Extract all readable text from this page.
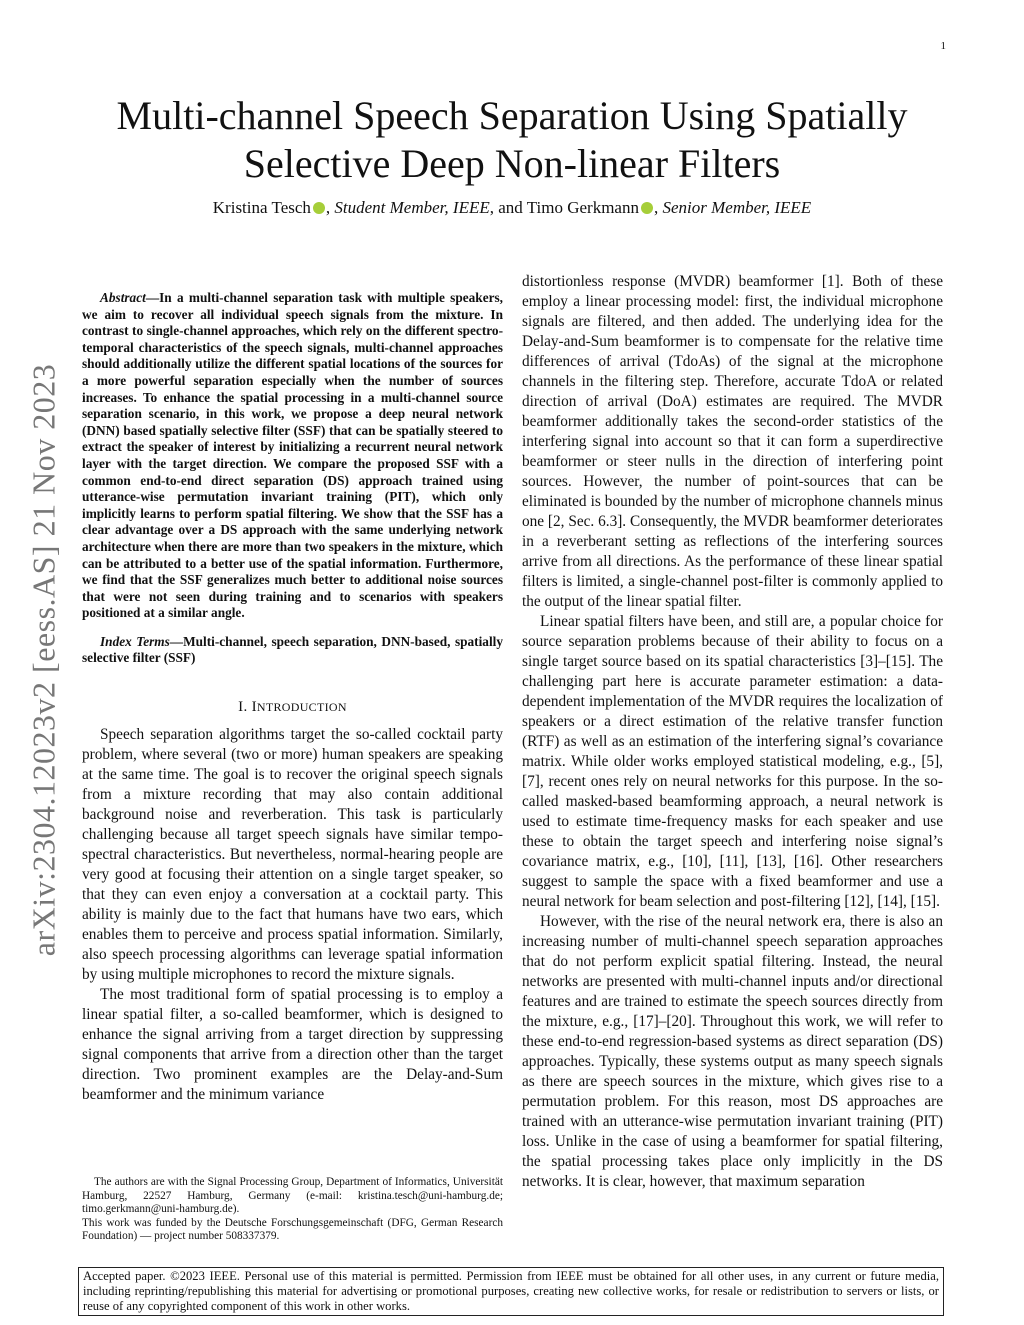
1
arXiv:2304.12023v2 [eess.AS] 21 Nov 2023
Multi-channel Speech Separation Using Spatially
Selective Deep Non-linear Filters
Kristina Tesch , Student Member, IEEE, and Timo Gerkmann , Senior Member, IEEE

Abstract—In a multi-channel separation task with multiple speakers, we aim to recover all individual speech signals from the mixture. In contrast to single-channel approaches, which rely on the different spectro-temporal characteristics of the speech signals, multi-channel approaches should additionally utilize the different spatial locations of the sources for a more powerful separation especially when the number of sources increases. To enhance the spatial processing in a multi-channel source separation scenario, in this work, we propose a deep neural network (DNN) based spatially selective filter (SSF) that can be spatially steered to extract the speaker of interest by initializing a recurrent neural network layer with the target direction. We compare the proposed SSF with a common end-to-end direct separation (DS) approach trained using utterance-wise permutation invariant training (PIT), which only implicitly learns to perform spatial filtering. We show that the SSF has a clear advantage over a DS approach with the same underlying network architecture when there are more than two speakers in the mixture, which can be attributed to a better use of the spatial information. Furthermore, we find that the SSF generalizes much better to additional noise sources that were not seen during training and to scenarios with speakers positioned at a similar angle.

Index Terms—Multi-channel, speech separation, DNN-based, spatially selective filter (SSF)

I. INTRODUCTION

Speech separation algorithms target the so-called cocktail party problem, where several (two or more) human speakers are speaking at the same time. The goal is to recover the original speech signals from a mixture recording that may also contain additional background noise and reverberation. This task is particularly challenging because all target speech signals have similar tempo-spectral characteristics. But nevertheless, normal-hearing people are very good at focusing their attention on a single target speaker, so that they can even enjoy a conversation at a cocktail party. This ability is mainly due to the fact that humans have two ears, which enables them to perceive and process spatial information. Similarly, also speech processing algorithms can leverage spatial information by using multiple microphones to record the mixture signals.

The most traditional form of spatial processing is to employ a linear spatial filter, a so-called beamformer, which is designed to enhance the signal arriving from a target direction by suppressing signal components that arrive from a direction other than the target direction. Two prominent examples are the Delay-and-Sum beamformer and the minimum variance

distortionless response (MVDR) beamformer [1]. Both of these employ a linear processing model: first, the individual microphone signals are filtered, and then added. The underlying idea for the Delay-and-Sum beamformer is to compensate for the relative time differences of arrival (TdoAs) of the signal at the microphone channels in the filtering step. Therefore, accurate TdoA or related direction of arrival (DoA) estimates are required. The MVDR beamformer additionally takes the second-order statistics of the interfering signal into account so that it can form a superdirective beamformer or steer nulls in the direction of interfering point sources. However, the number of point-sources that can be eliminated is bounded by the number of microphone channels minus one [2, Sec. 6.3]. Consequently, the MVDR beamformer deteriorates in a reverberant setting as reflections of the interfering sources arrive from all directions. As the performance of these linear spatial filters is limited, a single-channel post-filter is commonly applied to the output of the linear spatial filter.

Linear spatial filters have been, and still are, a popular choice for source separation problems because of their ability to focus on a single target source based on its spatial characteristics [3]–[15]. The challenging part here is accurate parameter estimation: a data-dependent implementation of the MVDR requires the localization of speakers or a direct estimation of the relative transfer function (RTF) as well as an estimation of the interfering signal’s covariance matrix. While older works employed statistical modeling, e.g., [5], [7], recent ones rely on neural networks for this purpose. In the so-called masked-based beamforming approach, a neural network is used to estimate time-frequency masks for each speaker and use these to obtain the target speech and interfering noise signal’s covariance matrix, e.g., [10], [11], [13], [16]. Other researchers suggest to sample the space with a fixed beamformer and use a neural network for beam selection and post-filtering [12], [14], [15].

However, with the rise of the neural network era, there is also an increasing number of multi-channel speech separation approaches that do not perform explicit spatial filtering. Instead, the neural networks are presented with multi-channel inputs and/or directional features and are trained to estimate the speech sources directly from the mixture, e.g., [17]–[20]. Throughout this work, we will refer to these end-to-end regression-based systems as direct separation (DS) approaches. Typically, these systems output as many speech signals as there are speech sources in the mixture, which gives rise to a permutation problem. For this reason, most DS approaches are trained with an utterance-wise permutation invariant training (PIT) loss. Unlike in the case of using a beamformer for spatial filtering, the spatial processing takes place only implicitly in the DS networks. It is clear, however, that maximum separation

The authors are with the Signal Processing Group, Department of Informatics, Universität Hamburg, 22527 Hamburg, Germany (e-mail: kristina.tesch@uni-hamburg.de; timo.gerkmann@uni-hamburg.de).

This work was funded by the Deutsche Forschungsgemeinschaft (DFG, German Research Foundation) — project number 508337379.

Accepted paper. ©2023 IEEE. Personal use of this material is permitted. Permission from IEEE must be obtained for all other uses, in any current or future media, including reprinting/republishing this material for advertising or promotional purposes, creating new collective works, for resale or redistribution to servers or lists, or reuse of any copyrighted component of this work in other works.
